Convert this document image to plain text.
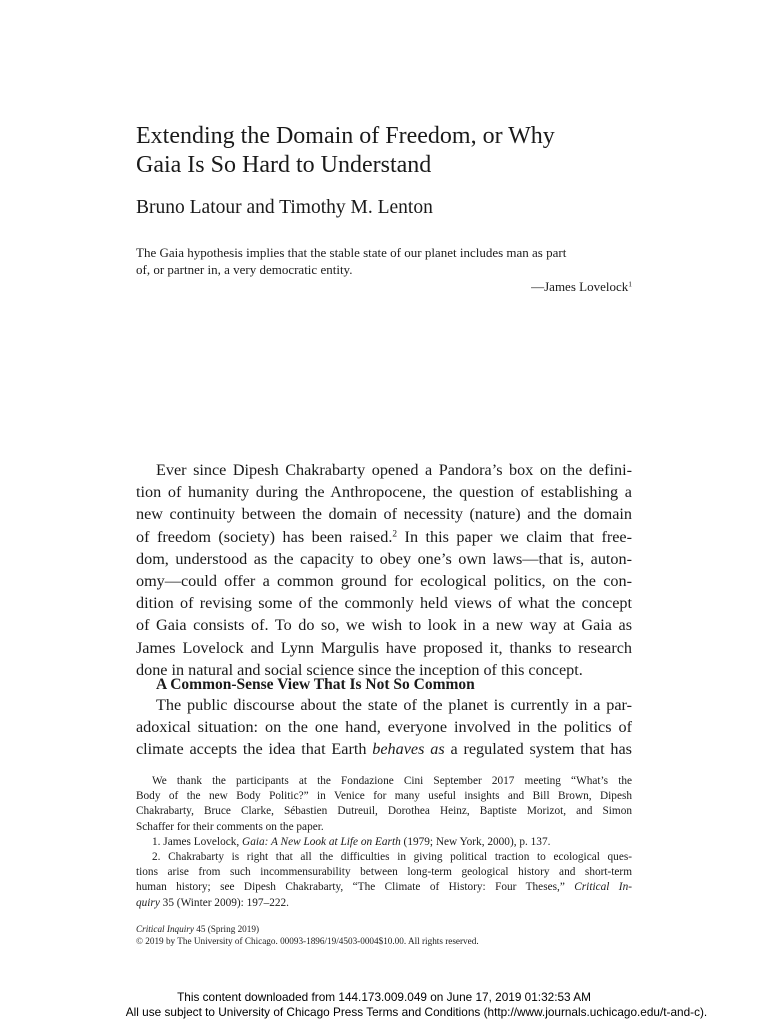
Extending the Domain of Freedom, or Why
Gaia Is So Hard to Understand
Bruno Latour and Timothy M. Lenton
The Gaia hypothesis implies that the stable state of our planet includes man as part
of, or partner in, a very democratic entity.
—James Lovelock$^1$
Ever since Dipesh Chakrabarty opened a Pandora’s box on the defini-
tion of humanity during the Anthropocene, the question of establishing a
new continuity between the domain of necessity (nature) and the domain
of freedom (society) has been raised.$^2$ In this paper we claim that free-
dom, understood as the capacity to obey one’s own laws—that is, auton-
omy—could offer a common ground for ecological politics, on the con-
dition of revising some of the commonly held views of what the concept
of Gaia consists of. To do so, we wish to look in a new way at Gaia as
James Lovelock and Lynn Margulis have proposed it, thanks to research
done in natural and social science since the inception of this concept.
A Common-Sense View That Is Not So Common
The public discourse about the state of the planet is currently in a par-
adoxical situation: on the one hand, everyone involved in the politics of
climate accepts the idea that Earth behaves as a regulated system that has
We thank the participants at the Fondazione Cini September 2017 meeting “What’s the
Body of the new Body Politic?” in Venice for many useful insights and Bill Brown, Dipesh
Chakrabarty, Bruce Clarke, Sébastien Dutreuil, Dorothea Heinz, Baptiste Morizot, and Simon
Schaffer for their comments on the paper.
1. James Lovelock, Gaia: A New Look at Life on Earth (1979; New York, 2000), p. 137.
2. Chakrabarty is right that all the difficulties in giving political traction to ecological ques-
tions arise from such incommensurability between long-term geological history and short-term
human history; see Dipesh Chakrabarty, “The Climate of History: Four Theses,” Critical In-
quiry 35 (Winter 2009): 197–222.
Critical Inquiry 45 (Spring 2019)
© 2019 by The University of Chicago. 00093-1896/19/4503-0004$10.00. All rights reserved.
This content downloaded from 144.173.009.049 on June 17, 2019 01:32:53 AM
All use subject to University of Chicago Press Terms and Conditions (http://www.journals.uchicago.edu/t-and-c).
